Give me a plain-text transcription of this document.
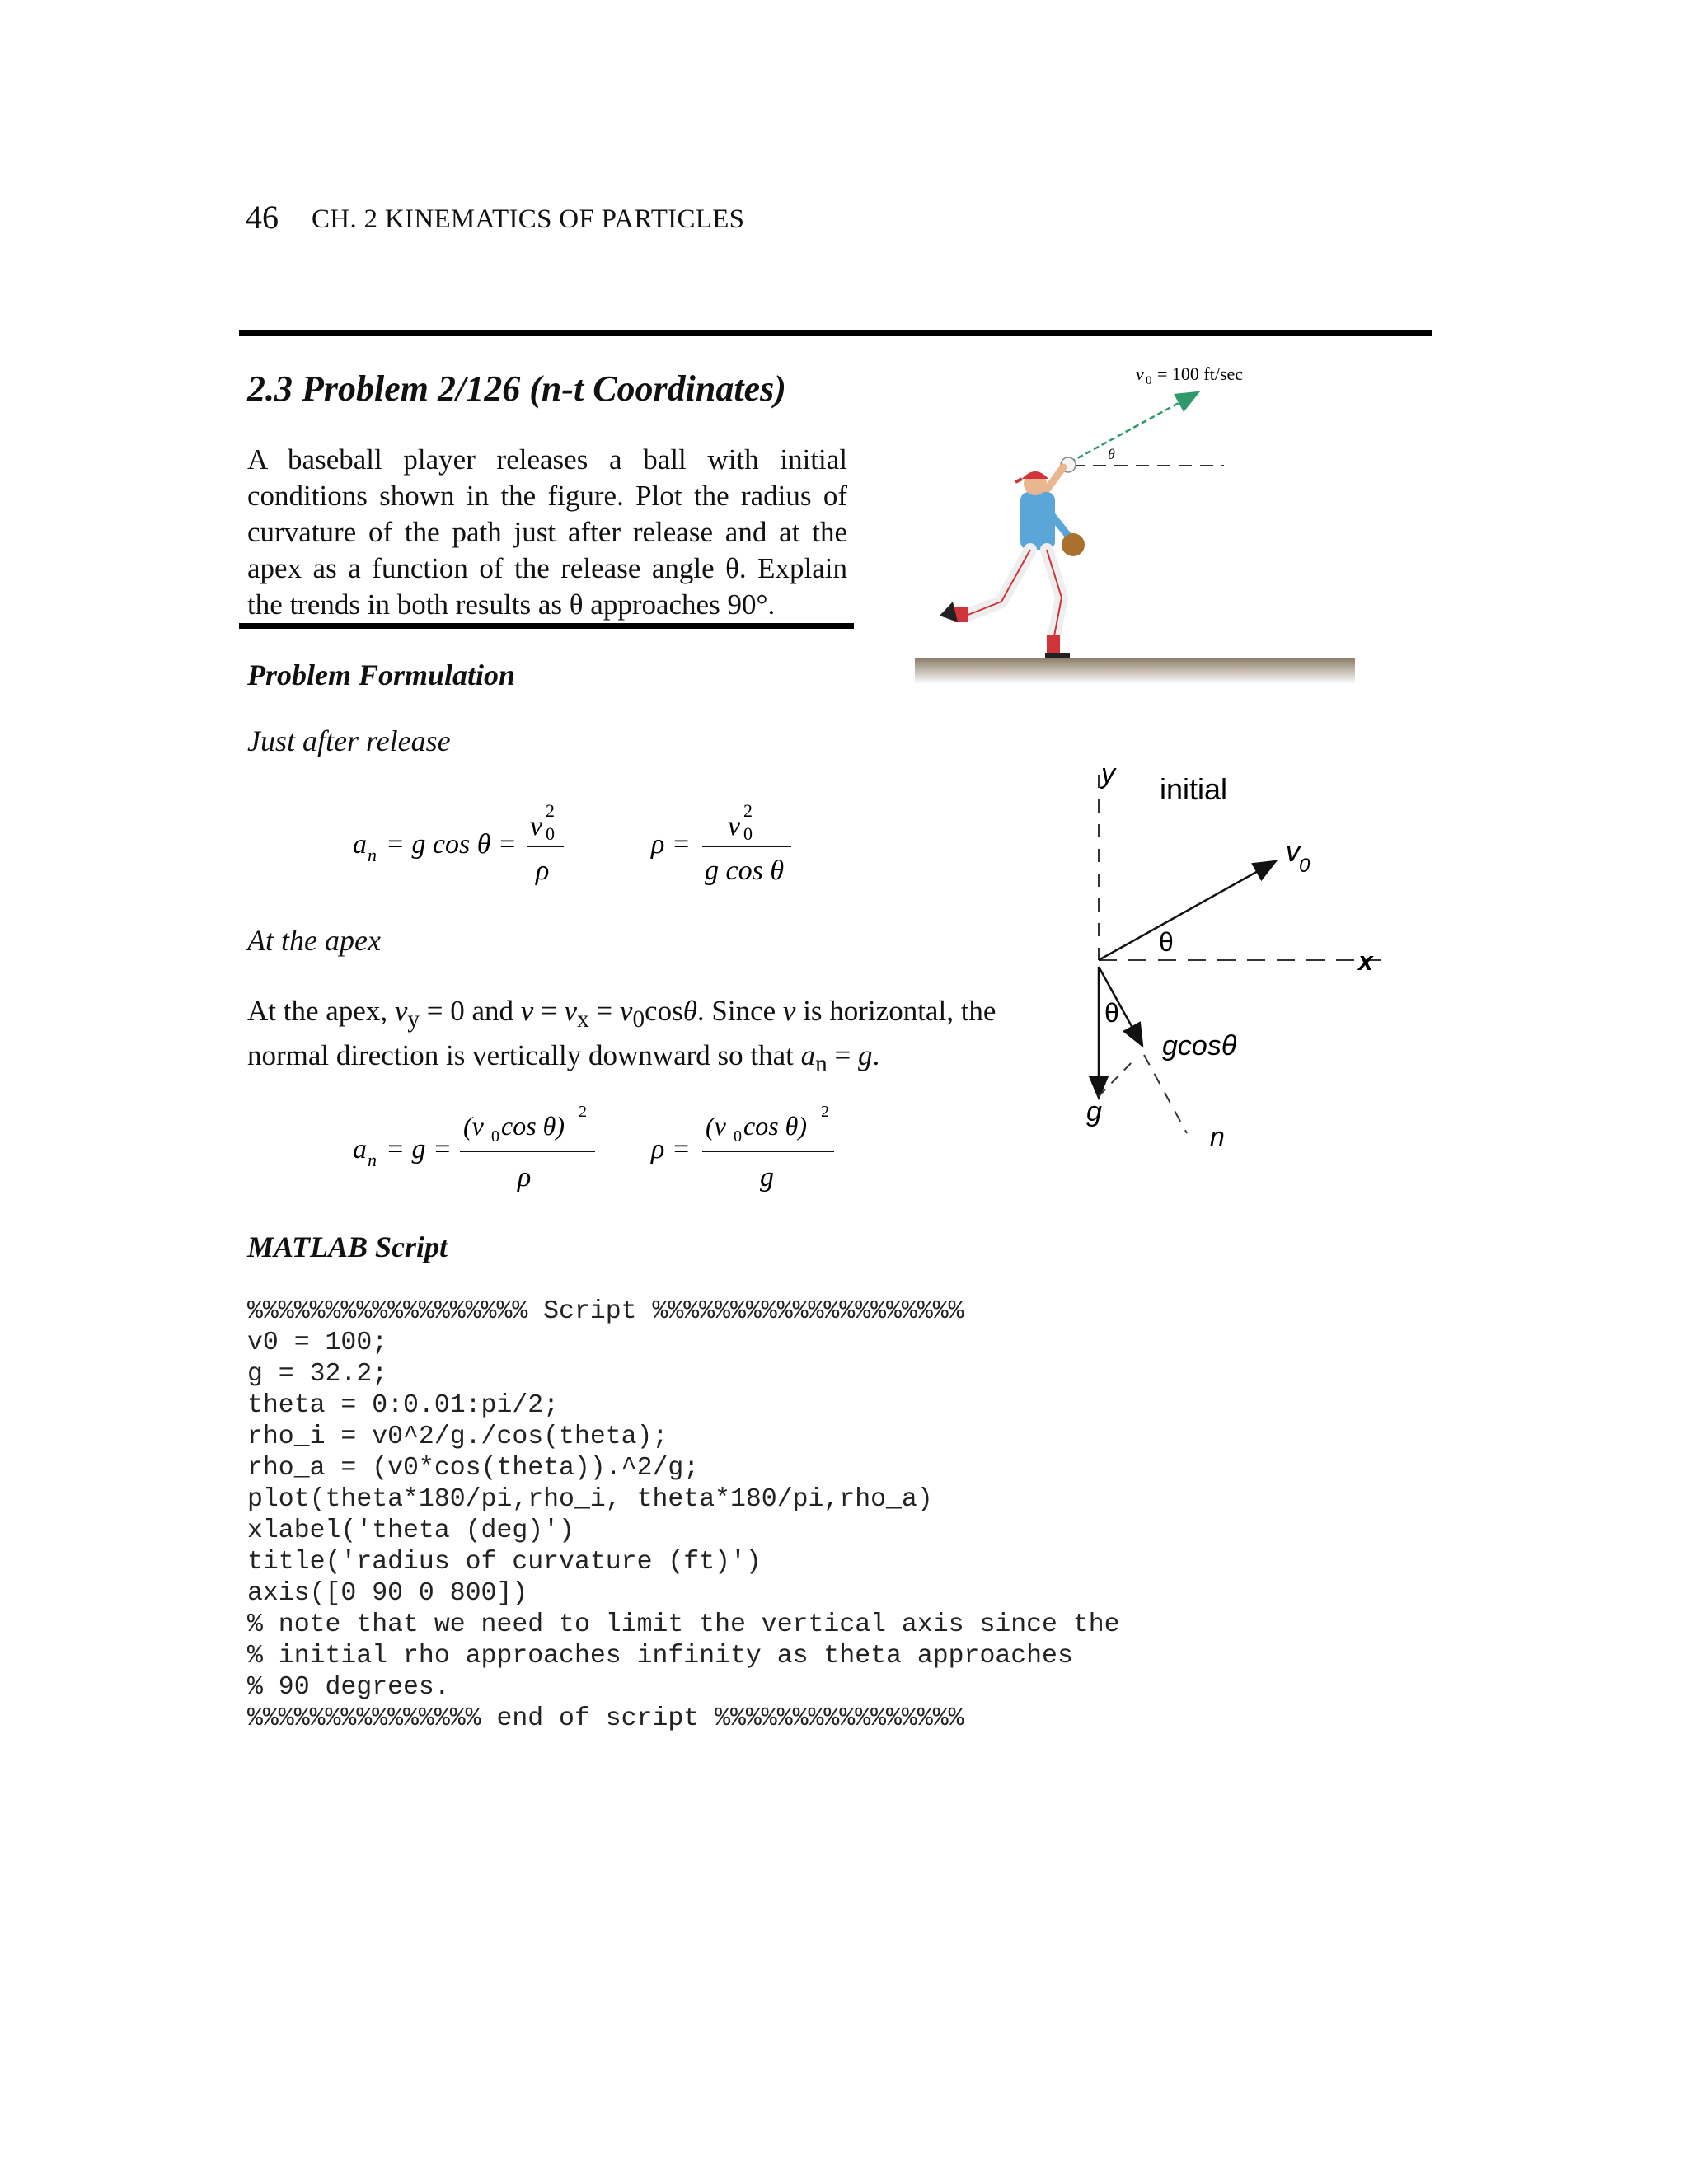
46 CH. 2 KINEMATICS OF PARTICLES
2.3 Problem 2/126 (n-t Coordinates)
A baseball player releases a ball with initial conditions shown in the figure. Plot the radius of curvature of the path just after release and at the apex as a function of the release angle θ. Explain the trends in both results as θ approaches 90°.
v 0 = 100 ft/sec
θ
Problem Formulation
Just after release
a n = g cos θ =
v
2
0
ρ
ρ =
v
2
0
g cos θ
At the apex
At the apex, $v_y = 0$ and $v = v_x = v_0\cos\theta$. Since v is horizontal, the normal direction is vertically downward so that $a_n = g$.
a n = g =
(v 0 cos θ) 2
ρ
ρ =
(v 0 cos θ) 2
g
y initial
x
v 0
θ
g
θ
gcosθ
n
MATLAB Script
%%%%%%%%%%%%%%%%%% Script %%%%%%%%%%%%%%%%%%%%
v0 = 100;
g = 32.2;
theta = 0:0.01:pi/2;
rho_i = v0^2/g./cos(theta);
rho_a = (v0*cos(theta)).^2/g;
plot(theta*180/pi,rho_i, theta*180/pi,rho_a)
xlabel('theta (deg)')
title('radius of curvature (ft)')
axis([0 90 0 800])
% note that we need to limit the vertical axis since the
% initial rho approaches infinity as theta approaches
% 90 degrees.
%%%%%%%%%%%%%%% end of script %%%%%%%%%%%%%%%%
